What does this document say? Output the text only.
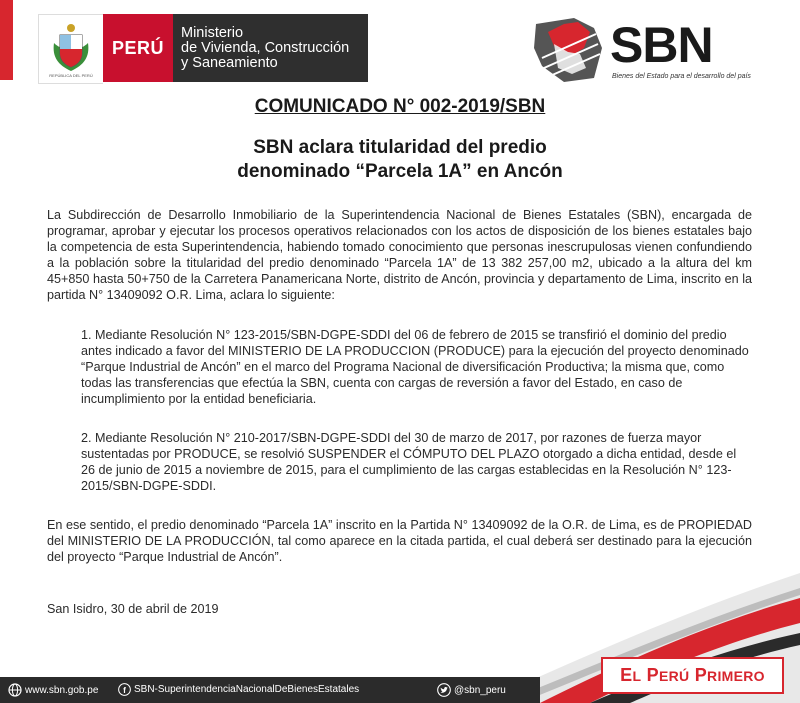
REPÚBLICA DEL PERÚ
PERÚ
Ministerio
de Vivienda, Construcción
y Saneamiento	SBN
Bienes del Estado para el desarrollo del país
COMUNICADO N° 002-2019/SBN
SBN aclara titularidad del predio
denominado “Parcela 1A” en Ancón
La Subdirección de Desarrollo Inmobiliario de la Superintendencia Nacional de Bienes Estatales (SBN), encargada de programar, aprobar y ejecutar los procesos operativos relacionados con los actos de disposición de los bienes estatales bajo la competencia de esta Superintendencia, habiendo tomado conocimiento que personas inescrupulosas vienen confundiendo a la población sobre la titularidad del predio denominado “Parcela 1A” de 13 382 257,00 m2, ubicado a la altura del km 45+850 hasta 50+750 de la Carretera Panamericana Norte, distrito de Ancón, provincia y departamento de Lima, inscrito en la partida N° 13409092 O.R. Lima, aclara lo siguiente:
1. Mediante Resolución N° 123-2015/SBN-DGPE-SDDI del 06 de febrero de 2015 se transfirió el dominio del predio antes indicado a favor del MINISTERIO DE LA PRODUCCION (PRODUCE) para la ejecución del proyecto denominado “Parque Industrial de Ancón” en el marco del Programa Nacional de diversificación Productiva; la misma que, como todas las transferencias que efectúa la SBN, cuenta con cargas de reversión a favor del Estado, en caso de incumplimiento por la entidad beneficiaria.
2. Mediante Resolución N° 210-2017/SBN-DGPE-SDDI del 30 de marzo de 2017, por razones de fuerza mayor sustentadas por PRODUCE, se resolvió SUSPENDER el CÓMPUTO DEL PLAZO otorgado a dicha entidad, desde el 26 de junio de 2015 a noviembre de 2015, para el cumplimiento de las cargas establecidas en la Resolución N° 123-2015/SBN-DGPE-SDDI.
En ese sentido, el predio denominado “Parcela 1A” inscrito en la Partida N° 13409092 de la O.R. de Lima, es de PROPIEDAD del MINISTERIO DE LA PRODUCCIÓN, tal como aparece en la citada partida, el cual deberá ser destinado para la ejecución del proyecto “Parque Industrial de Ancón”.
San Isidro, 30 de abril de 2019
E L
P ERÚ
P RIMERO
www.sbn.gob.pe	f SBN-SuperintendenciaNacionalDeBienesEstatales	@sbn_peru
